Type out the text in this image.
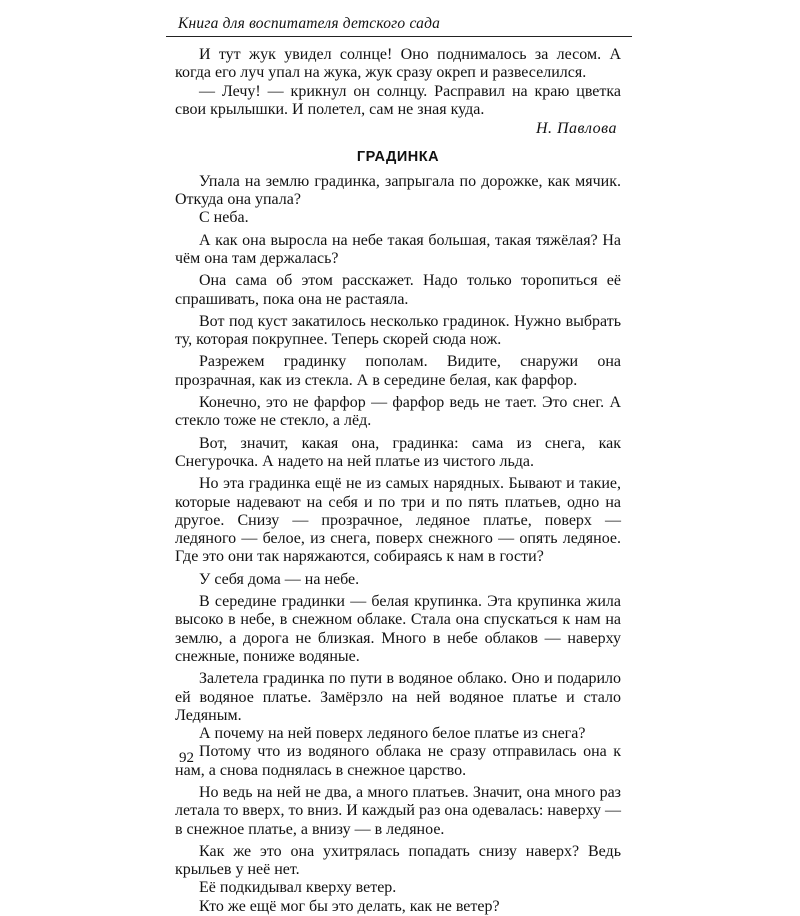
Книга для воспитателя детского сада

И тут жук увидел солнце! Оно поднималось за лесом. А когда его луч упал на жука, жук сразу окреп и развеселился.

— Лечу! — крикнул он солнцу. Расправил на краю цветка свои крылышки. И полетел, сам не зная куда.

Н. Павлова
ГРАДИНКА

Упала на землю градинка, запрыгала по дорожке, как мячик. Откуда она упала?

С неба.

А как она выросла на небе такая большая, такая тяжёлая? На чём она там держалась?

Она сама об этом расскажет. Надо только торопиться её спрашивать, пока она не растаяла.

Вот под куст закатилось несколько градинок. Нужно выбрать ту, которая покрупнее. Теперь скорей сюда нож.

Разрежем градинку пополам. Видите, снаружи она прозрачная, как из стекла. А в середине белая, как фарфор.

Конечно, это не фарфор — фарфор ведь не тает. Это снег. А стекло тоже не стекло, а лёд.

Вот, значит, какая она, градинка: сама из снега, как Снегурочка. А надето на ней платье из чистого льда.

Но эта градинка ещё не из самых нарядных. Бывают и такие, которые надевают на себя и по три и по пять платьев, одно на другое. Снизу — прозрачное, ледяное платье, поверх — ледяного — белое, из снега, поверх снежного — опять ледяное. Где это они так наряжаются, собираясь к нам в гости?

У себя дома — на небе.

В середине градинки — белая крупинка. Эта крупинка жила высоко в небе, в снежном облаке. Стала она спускаться к нам на землю, а дорога не близкая. Много в небе облаков — наверху снежные, пониже водяные.

Залетела градинка по пути в водяное облако. Оно и подарило ей водяное платье. Замёрзло на ней водяное платье и стало Ледяным.

А почему на ней поверх ледяного белое платье из снега?

Потому что из водяного облака не сразу отправилась она к нам, а снова поднялась в снежное царство.

Но ведь на ней не два, а много платьев. Значит, она много раз летала то вверх, то вниз. И каждый раз она одевалась: наверху — в снежное платье, а внизу — в ледяное.

Как же это она ухитрялась попадать снизу наверх? Ведь крыльев у неё нет.

Её подкидывал кверху ветер.

Кто же ещё мог бы это делать, как не ветер?

92
